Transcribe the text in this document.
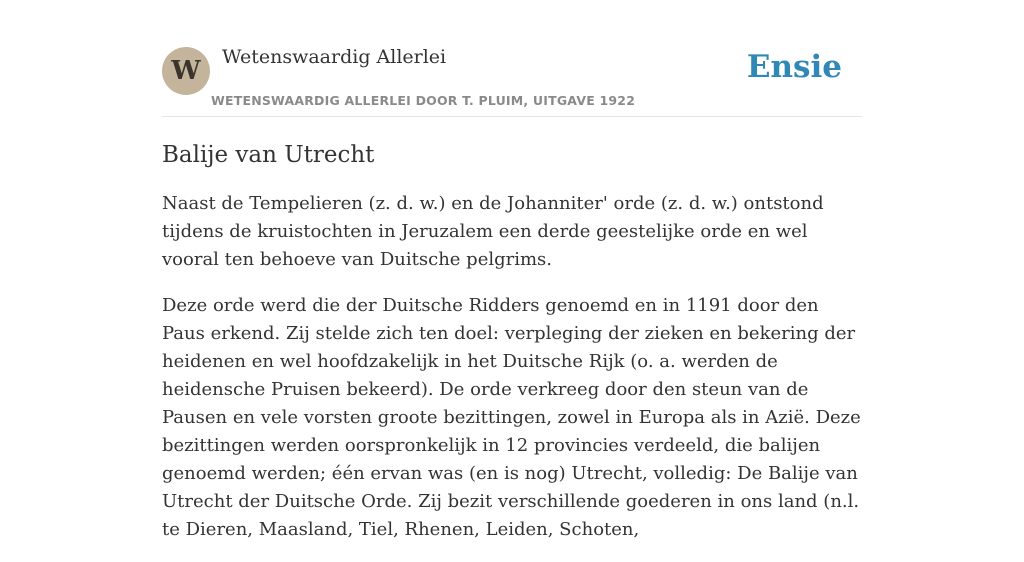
W	Wetenswaardig Allerlei
WETENSWAARDIG ALLERLEI DOOR T. PLUIM, UITGAVE 1922
Ensie
Balije van Utrecht

Naast de Tempelieren (z. d. w.) en de Johanniter' orde (z. d. w.) ontstond tijdens de kruistochten in Jeruzalem een derde geestelijke orde en wel vooral ten behoeve van Duitsche pelgrims.

Deze orde werd die der Duitsche Ridders genoemd en in 1191 door den Paus erkend. Zij stelde zich ten doel: verpleging der zieken en bekering der heidenen en wel hoofdzakelijk in het Duitsche Rijk (o. a. werden de heidensche Pruisen bekeerd). De orde verkreeg door den steun van de Pausen en vele vorsten groote bezittingen, zowel in Europa als in Azië. Deze bezittingen werden oorspronkelijk in 12 provincies verdeeld, die balijen genoemd werden; één ervan was (en is nog) Utrecht, volledig: De Balije van Utrecht der Duitsche Orde. Zij bezit verschillende goederen in ons land (n.l. te Dieren, Maasland, Tiel, Rhenen, Leiden, Schoten,
